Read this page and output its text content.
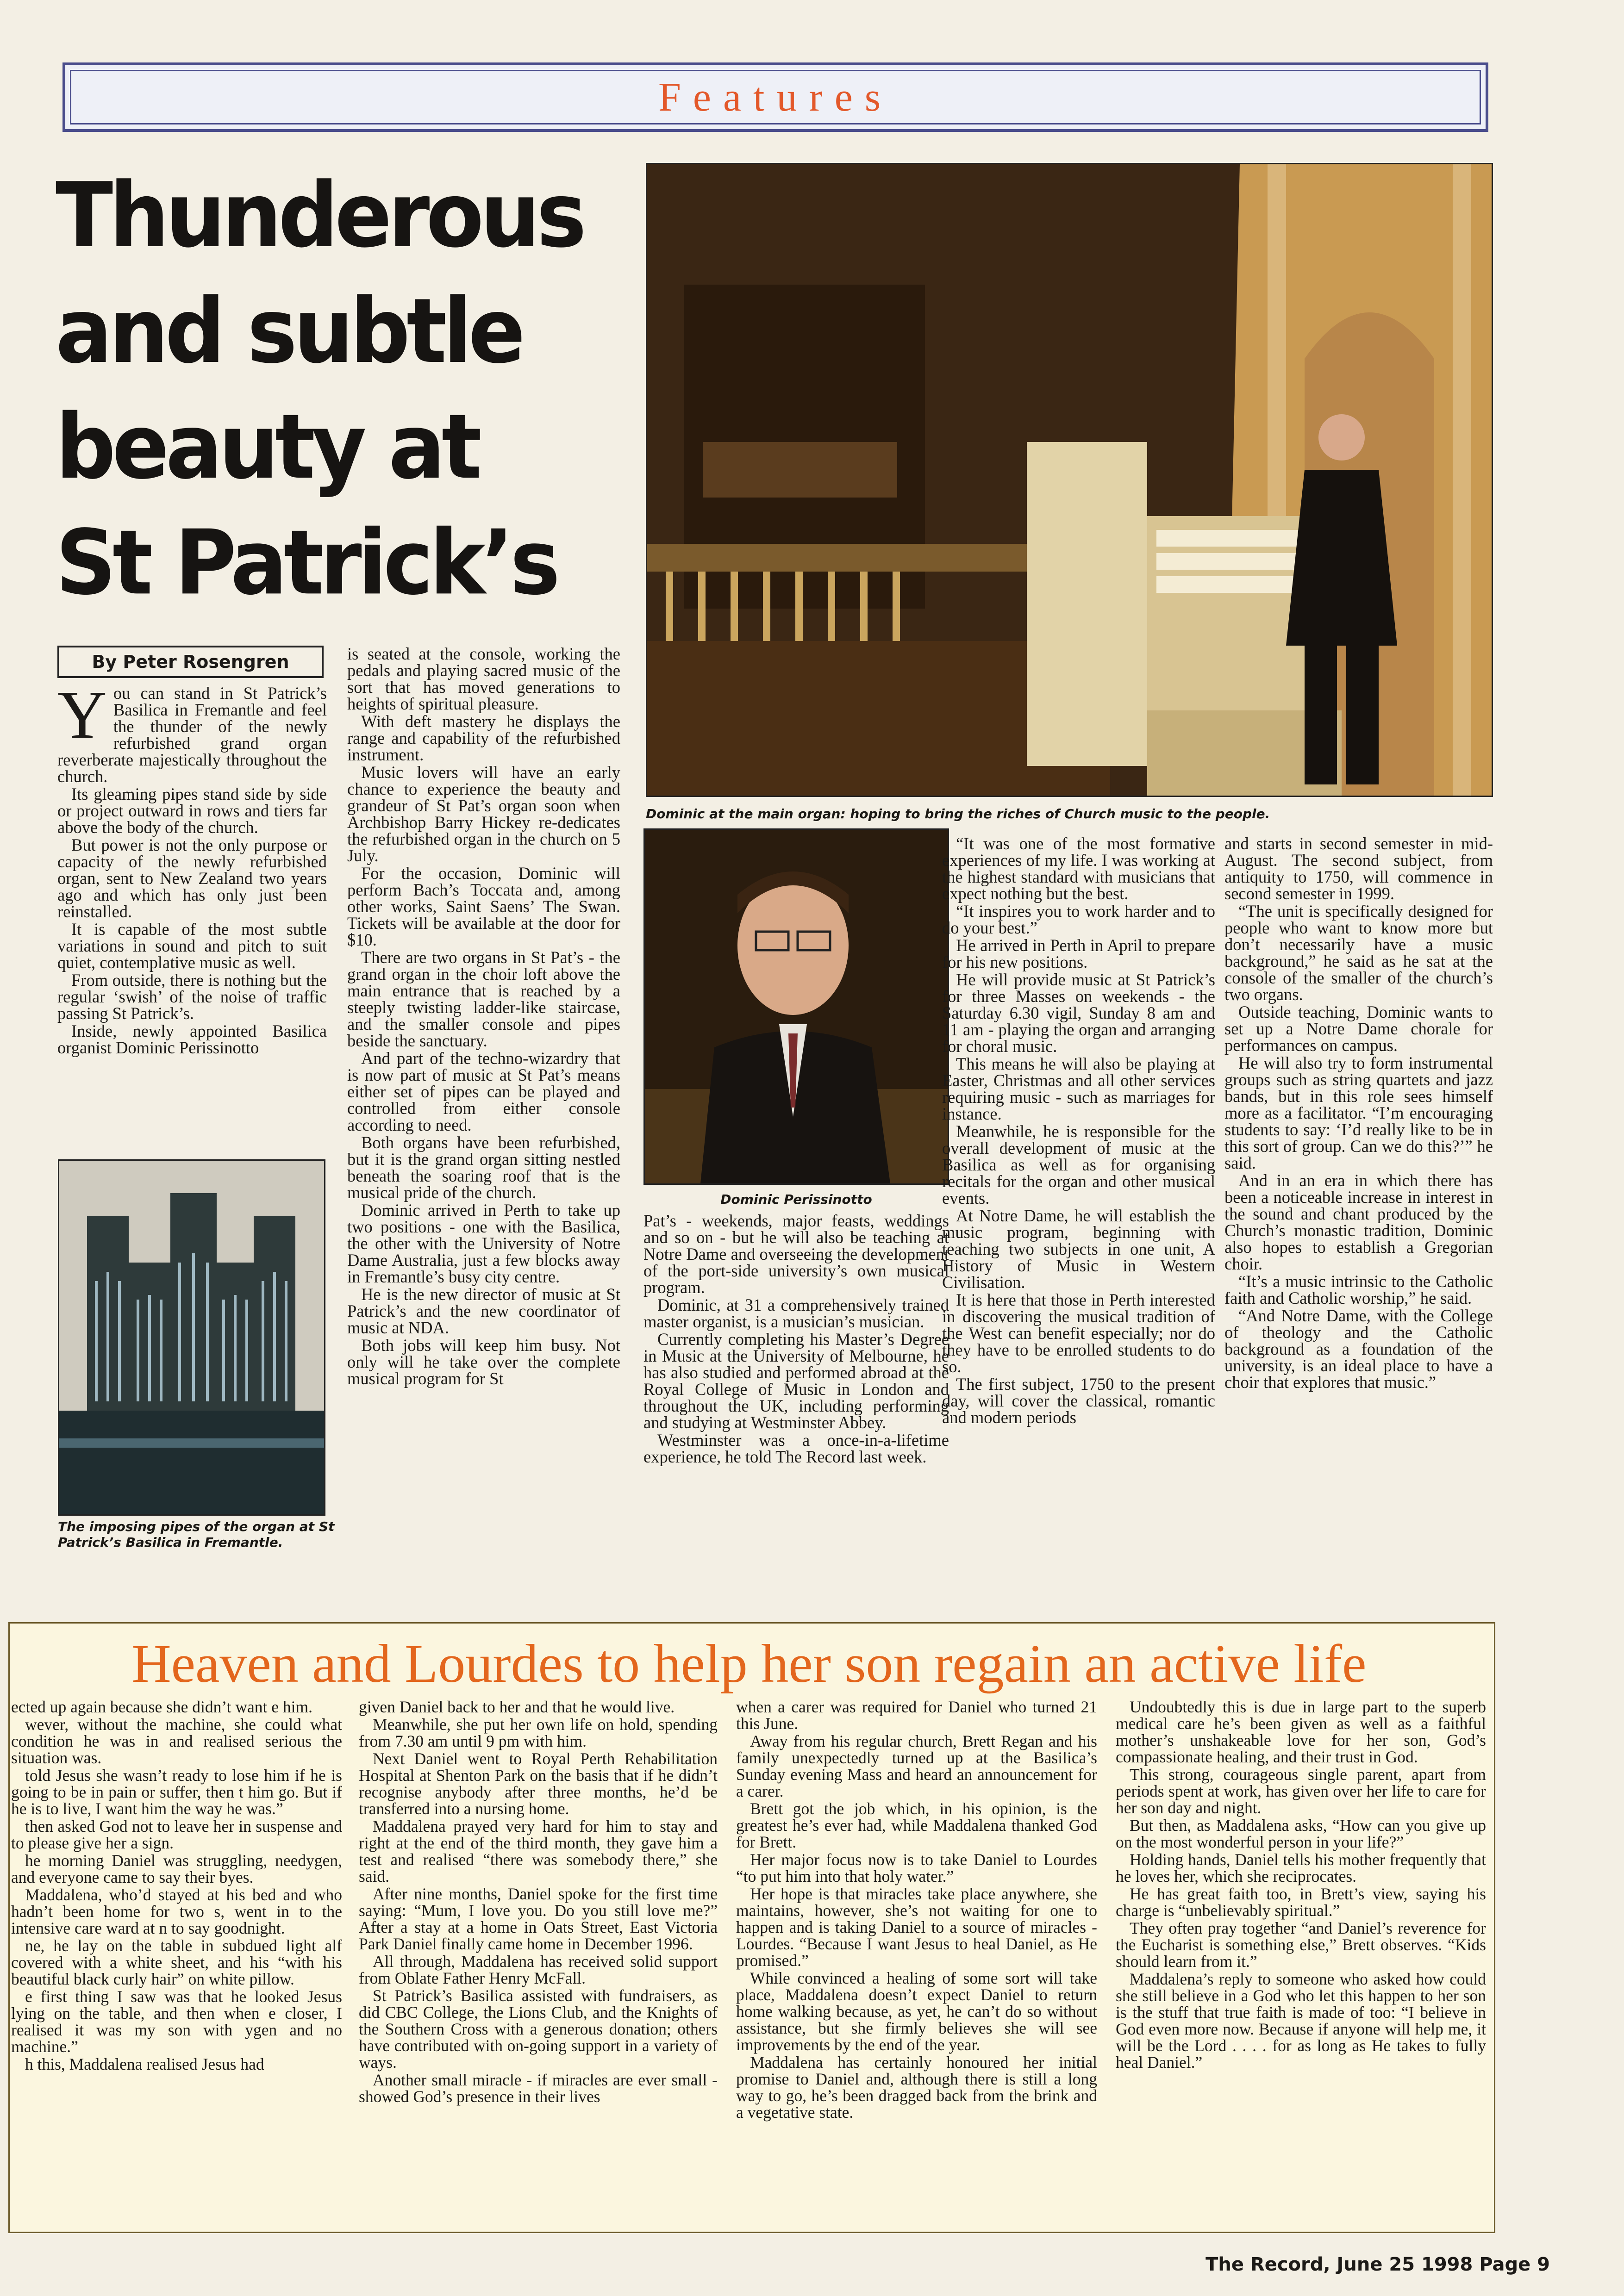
Features
Thunderous
and subtle
beauty at
St Patrick’s
By Peter Rosengren
Dominic at the main organ: hoping to bring the riches of Church music to the people.
The imposing pipes of the organ at St Patrick’s Basilica in Fremantle.
Dominic Perissinotto

You can stand in St Patrick’s Basilica in Fremantle and feel the thunder of the newly refurbished grand organ reverberate majestically throughout the church.

Its gleaming pipes stand side by side or project outward in rows and tiers far above the body of the church.

But power is not the only purpose or capacity of the newly refurbished organ, sent to New Zealand two years ago and which has only just been reinstalled.

It is capable of the most subtle variations in sound and pitch to suit quiet, contemplative music as well.

From outside, there is nothing but the regular ‘swish’ of the noise of traffic passing St Patrick’s.

Inside, newly appointed Basilica organist Dominic Perissinotto

is seated at the console, working the pedals and playing sacred music of the sort that has moved generations to heights of spiritual pleasure.

With deft mastery he displays the range and capability of the refurbished instrument.

Music lovers will have an early chance to experience the beauty and grandeur of St Pat’s organ soon when Archbishop Barry Hickey re-dedicates the refurbished organ in the church on 5 July.

For the occasion, Dominic will perform Bach’s Toccata and, among other works, Saint Saens’ The Swan. Tickets will be available at the door for $10.

There are two organs in St Pat’s - the grand organ in the choir loft above the main entrance that is reached by a steeply twisting ladder-like staircase, and the smaller console and pipes beside the sanctuary.

And part of the techno-wizardry that is now part of music at St Pat’s means either set of pipes can be played and controlled from either console according to need.

Both organs have been refurbished, but it is the grand organ sitting nestled beneath the soaring roof that is the musical pride of the church.

Dominic arrived in Perth to take up two positions - one with the Basilica, the other with the University of Notre Dame Australia, just a few blocks away in Fremantle’s busy city centre.

He is the new director of music at St Patrick’s and the new coordinator of music at NDA.

Both jobs will keep him busy. Not only will he take over the complete musical program for St

Pat’s - weekends, major feasts, weddings and so on - but he will also be teaching at Notre Dame and overseeing the development of the port-side university’s own musical program.

Dominic, at 31 a comprehensively trained master organist, is a musician’s musician.

Currently completing his Master’s Degree in Music at the University of Melbourne, he has also studied and performed abroad at the Royal College of Music in London and throughout the UK, including performing and studying at Westminster Abbey.

Westminster was a once-in-a-lifetime experience, he told The Record last week.

“It was one of the most formative experiences of my life. I was working at the highest standard with musicians that expect nothing but the best.

“It inspires you to work harder and to do your best.”

He arrived in Perth in April to prepare for his new positions.

He will provide music at St Patrick’s for three Masses on weekends - the Saturday 6.30 vigil, Sunday 8 am and 11 am - playing the organ and arranging for choral music.

This means he will also be playing at Easter, Christmas and all other services requiring music - such as marriages for instance.

Meanwhile, he is responsible for the overall development of music at the Basilica as well as for organising recitals for the organ and other musical events.

At Notre Dame, he will establish the music program, beginning with teaching two subjects in one unit, A History of Music in Western Civilisation.

It is here that those in Perth interested in discovering the musical tradition of the West can benefit especially; nor do they have to be enrolled students to do so.

The first subject, 1750 to the present day, will cover the classical, romantic and modern periods

and starts in second semester in mid-August. The second subject, from antiquity to 1750, will commence in second semester in 1999.

“The unit is specifically designed for people who want to know more but don’t necessarily have a music background,” he said as he sat at the console of the smaller of the church’s two organs.

Outside teaching, Dominic wants to set up a Notre Dame chorale for performances on campus.

He will also try to form instrumental groups such as string quartets and jazz bands, but in this role sees himself more as a facilitator. “I’m encouraging students to say: ‘I’d really like to be in this sort of group. Can we do this?’” he said.

And in an era in which there has been a noticeable increase in interest in the sound and chant produced by the Church’s monastic tradition, Dominic also hopes to establish a Gregorian choir.

“It’s a music intrinsic to the Catholic faith and Catholic worship,” he said.

“And Notre Dame, with the College of theology and the Catholic background as a foundation of the university, is an ideal place to have a choir that explores that music.”

Heaven and Lourdes to help her son regain an active life

ected up again because she didn’t want e him.

wever, without the machine, she could what condition he was in and realised serious the situation was.

told Jesus she wasn’t ready to lose him if he is going to be in pain or suffer, then t him go. But if he is to live, I want him the way he was.”

then asked God not to leave her in suspense and to please give her a sign.

he morning Daniel was struggling, needygen, and everyone came to say their byes.

Maddalena, who’d stayed at his bed and who hadn’t been home for two s, went in to the intensive care ward at n to say goodnight.

ne, he lay on the table in subdued light alf covered with a white sheet, and his “with his beautiful black curly hair” on white pillow.

e first thing I saw was that he looked Jesus lying on the table, and then when e closer, I realised it was my son with ygen and no machine.”

h this, Maddalena realised Jesus had

given Daniel back to her and that he would live.

Meanwhile, she put her own life on hold, spending from 7.30 am until 9 pm with him.

Next Daniel went to Royal Perth Rehabilitation Hospital at Shenton Park on the basis that if he didn’t recognise anybody after three months, he’d be transferred into a nursing home.

Maddalena prayed very hard for him to stay and right at the end of the third month, they gave him a test and realised “there was somebody there,” she said.

After nine months, Daniel spoke for the first time saying: “Mum, I love you. Do you still love me?” After a stay at a home in Oats Street, East Victoria Park Daniel finally came home in December 1996.

All through, Maddalena has received solid support from Oblate Father Henry McFall.

St Patrick’s Basilica assisted with fundraisers, as did CBC College, the Lions Club, and the Knights of the Southern Cross with a generous donation; others have contributed with on-going support in a variety of ways.

Another small miracle - if miracles are ever small - showed God’s presence in their lives

when a carer was required for Daniel who turned 21 this June.

Away from his regular church, Brett Regan and his family unexpectedly turned up at the Basilica’s Sunday evening Mass and heard an announcement for a carer.

Brett got the job which, in his opinion, is the greatest he’s ever had, while Maddalena thanked God for Brett.

Her major focus now is to take Daniel to Lourdes “to put him into that holy water.”

Her hope is that miracles take place anywhere, she maintains, however, she’s not waiting for one to happen and is taking Daniel to a source of miracles - Lourdes. “Because I want Jesus to heal Daniel, as He promised.”

While convinced a healing of some sort will take place, Maddalena doesn’t expect Daniel to return home walking because, as yet, he can’t do so without assistance, but she firmly believes she will see improvements by the end of the year.

Maddalena has certainly honoured her initial promise to Daniel and, although there is still a long way to go, he’s been dragged back from the brink and a vegetative state.

Undoubtedly this is due in large part to the superb medical care he’s been given as well as a faithful mother’s unshakeable love for her son, God’s compassionate healing, and their trust in God.

This strong, courageous single parent, apart from periods spent at work, has given over her life to care for her son day and night.

But then, as Maddalena asks, “How can you give up on the most wonderful person in your life?”

Holding hands, Daniel tells his mother frequently that he loves her, which she reciprocates.

He has great faith too, in Brett’s view, saying his charge is “unbelievably spiritual.”

They often pray together “and Daniel’s reverence for the Eucharist is something else,” Brett observes. “Kids should learn from it.”

Maddalena’s reply to someone who asked how could she still believe in a God who let this happen to her son is the stuff that true faith is made of too: “I believe in God even more now. Because if anyone will help me, it will be the Lord . . . . for as long as He takes to fully heal Daniel.”

The Record, June 25 1998 Page 9
